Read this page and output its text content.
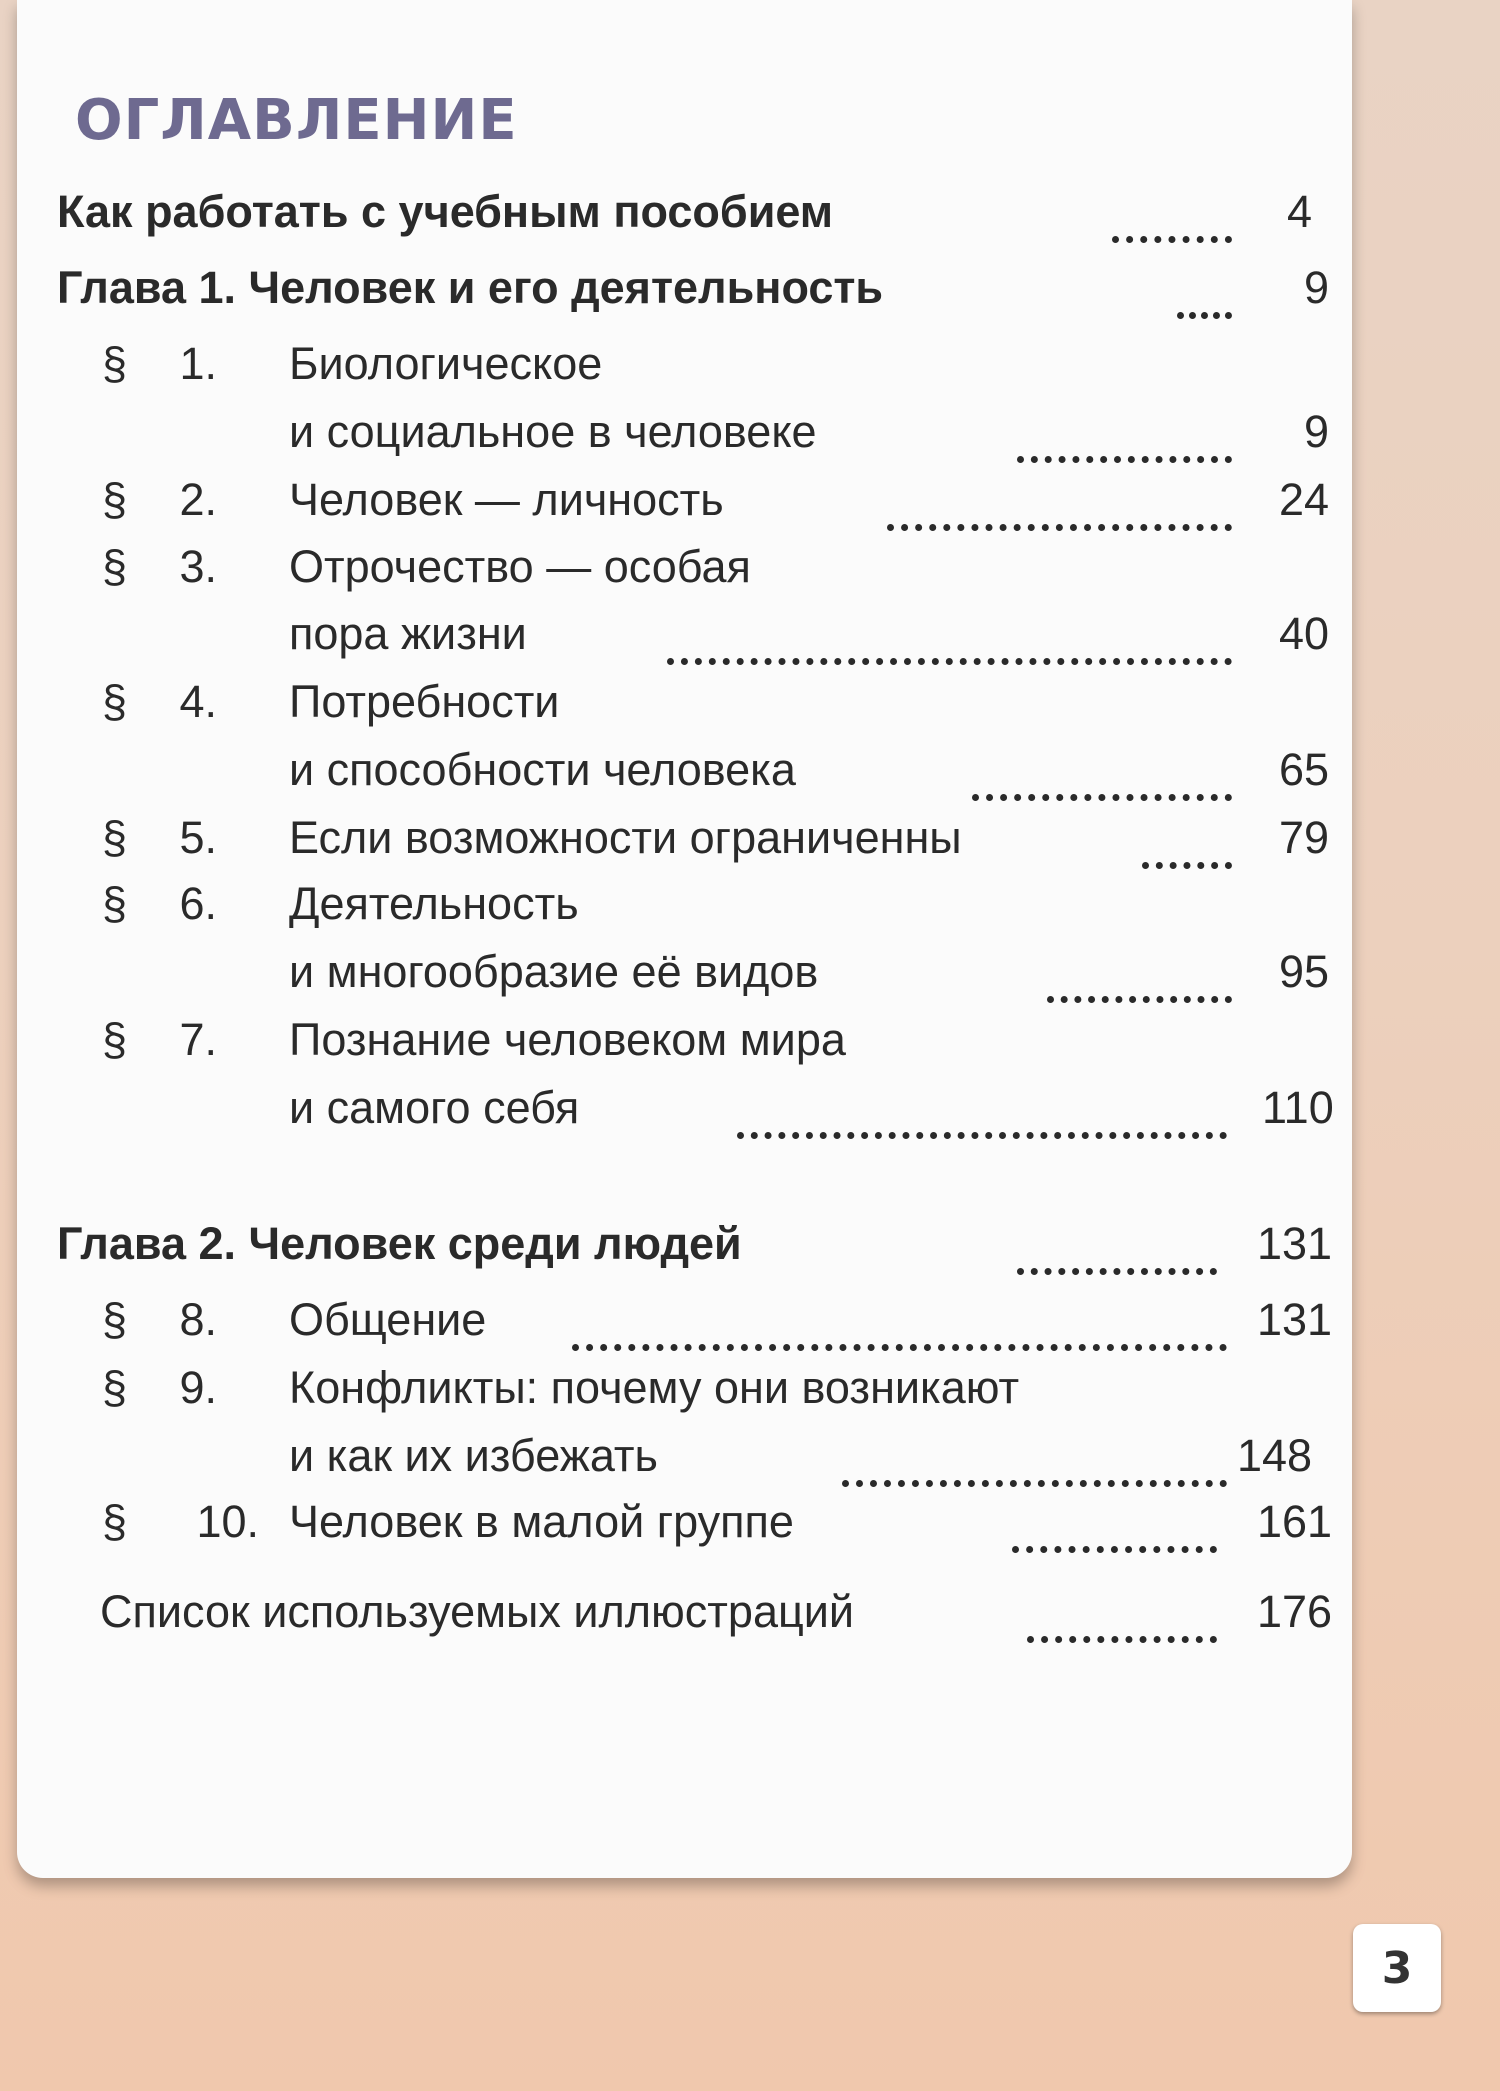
ОГЛАВЛЕНИЕ
Как работать с учебным пособием	4
Глава 1. Человек и его деятельность	9
§	1. Биологическое
и социальное в человеке	9
§	2. Человек — личность	24
§	3. Отрочество — особая
пора жизни	40
§	4. Потребности
и способности человека	65
§	5. Если возможности ограниченны	79
§	6. Деятельность
и многообразие её видов	95
§	7. Познание человеком мира
и самого себя	110
Глава 2. Человек среди людей	131
§	8. Общение	131
§	9. Конфликты: почему они возникают
и как их избежать	148
§	10. Человек в малой группе	161
Список используемых иллюстраций	176
3
